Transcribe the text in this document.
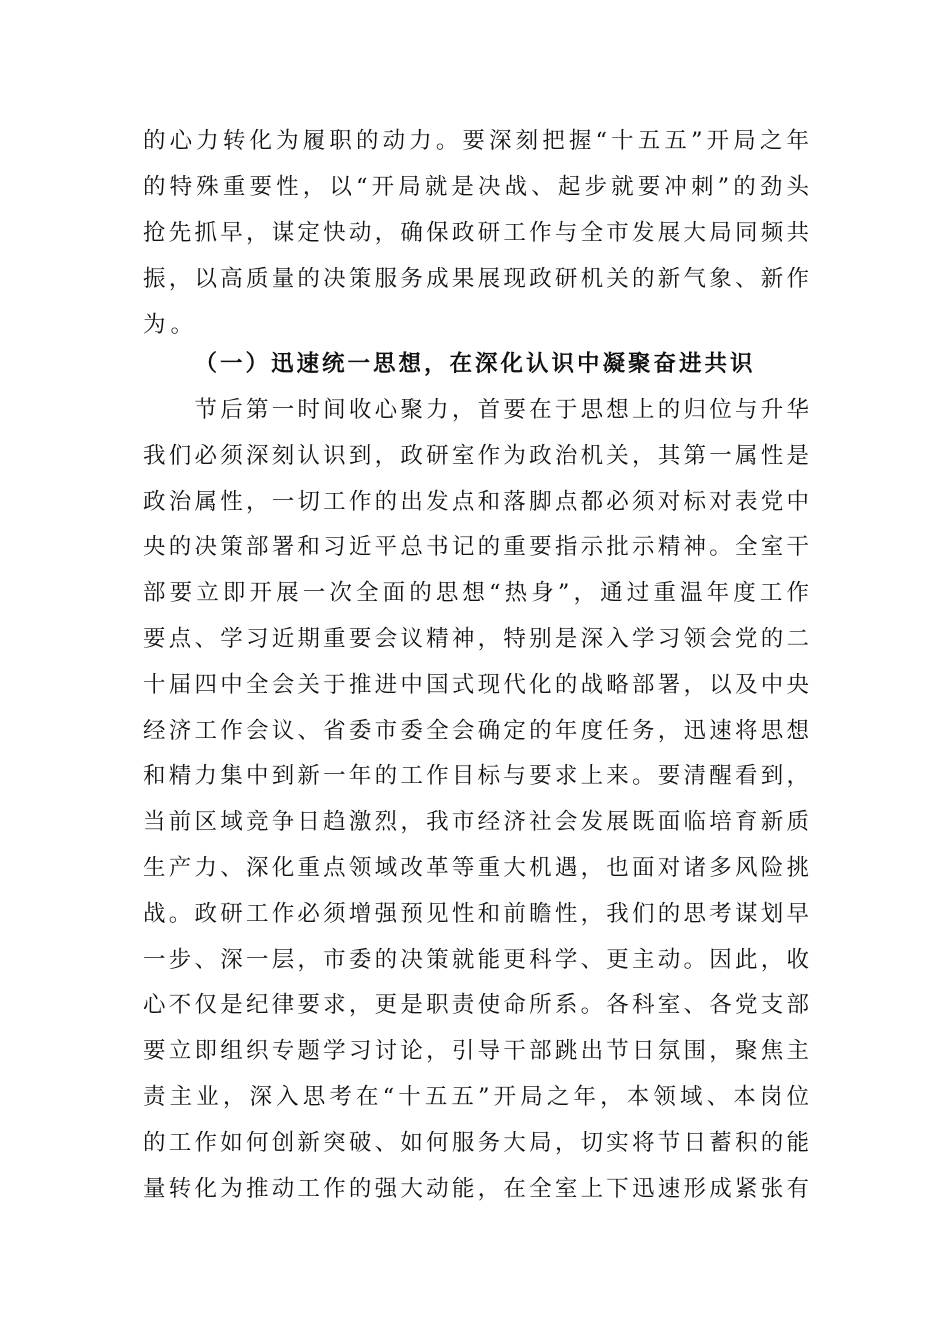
的心力转化为履职的动力。要深刻把握“十五五”开局之年
的特殊重要性，以“开局就是决战、起步就要冲刺”的劲头
抢先抓早，谋定快动，确保政研工作与全市发展大局同频共
振，以高质量的决策服务成果展现政研机关的新气象、新作
为。
（一）迅速统一思想，在深化认识中凝聚奋进共识
　　节后第一时间收心聚力，首要在于思想上的归位与升华
我们必须深刻认识到，政研室作为政治机关，其第一属性是
政治属性，一切工作的出发点和落脚点都必须对标对表党中
央的决策部署和习近平总书记的重要指示批示精神。全室干
部要立即开展一次全面的思想“热身”，通过重温年度工作
要点、学习近期重要会议精神，特别是深入学习领会党的二
十届四中全会关于推进中国式现代化的战略部署，以及中央
经济工作会议、省委市委全会确定的年度任务，迅速将思想
和精力集中到新一年的工作目标与要求上来。要清醒看到，
当前区域竞争日趋激烈，我市经济社会发展既面临培育新质
生产力、深化重点领域改革等重大机遇，也面对诸多风险挑
战。政研工作必须增强预见性和前瞻性，我们的思考谋划早
一步、深一层，市委的决策就能更科学、更主动。因此，收
心不仅是纪律要求，更是职责使命所系。各科室、各党支部
要立即组织专题学习讨论，引导干部跳出节日氛围，聚焦主
责主业，深入思考在“十五五”开局之年，本领域、本岗位
的工作如何创新突破、如何服务大局，切实将节日蓄积的能
量转化为推动工作的强大动能，在全室上下迅速形成紧张有
